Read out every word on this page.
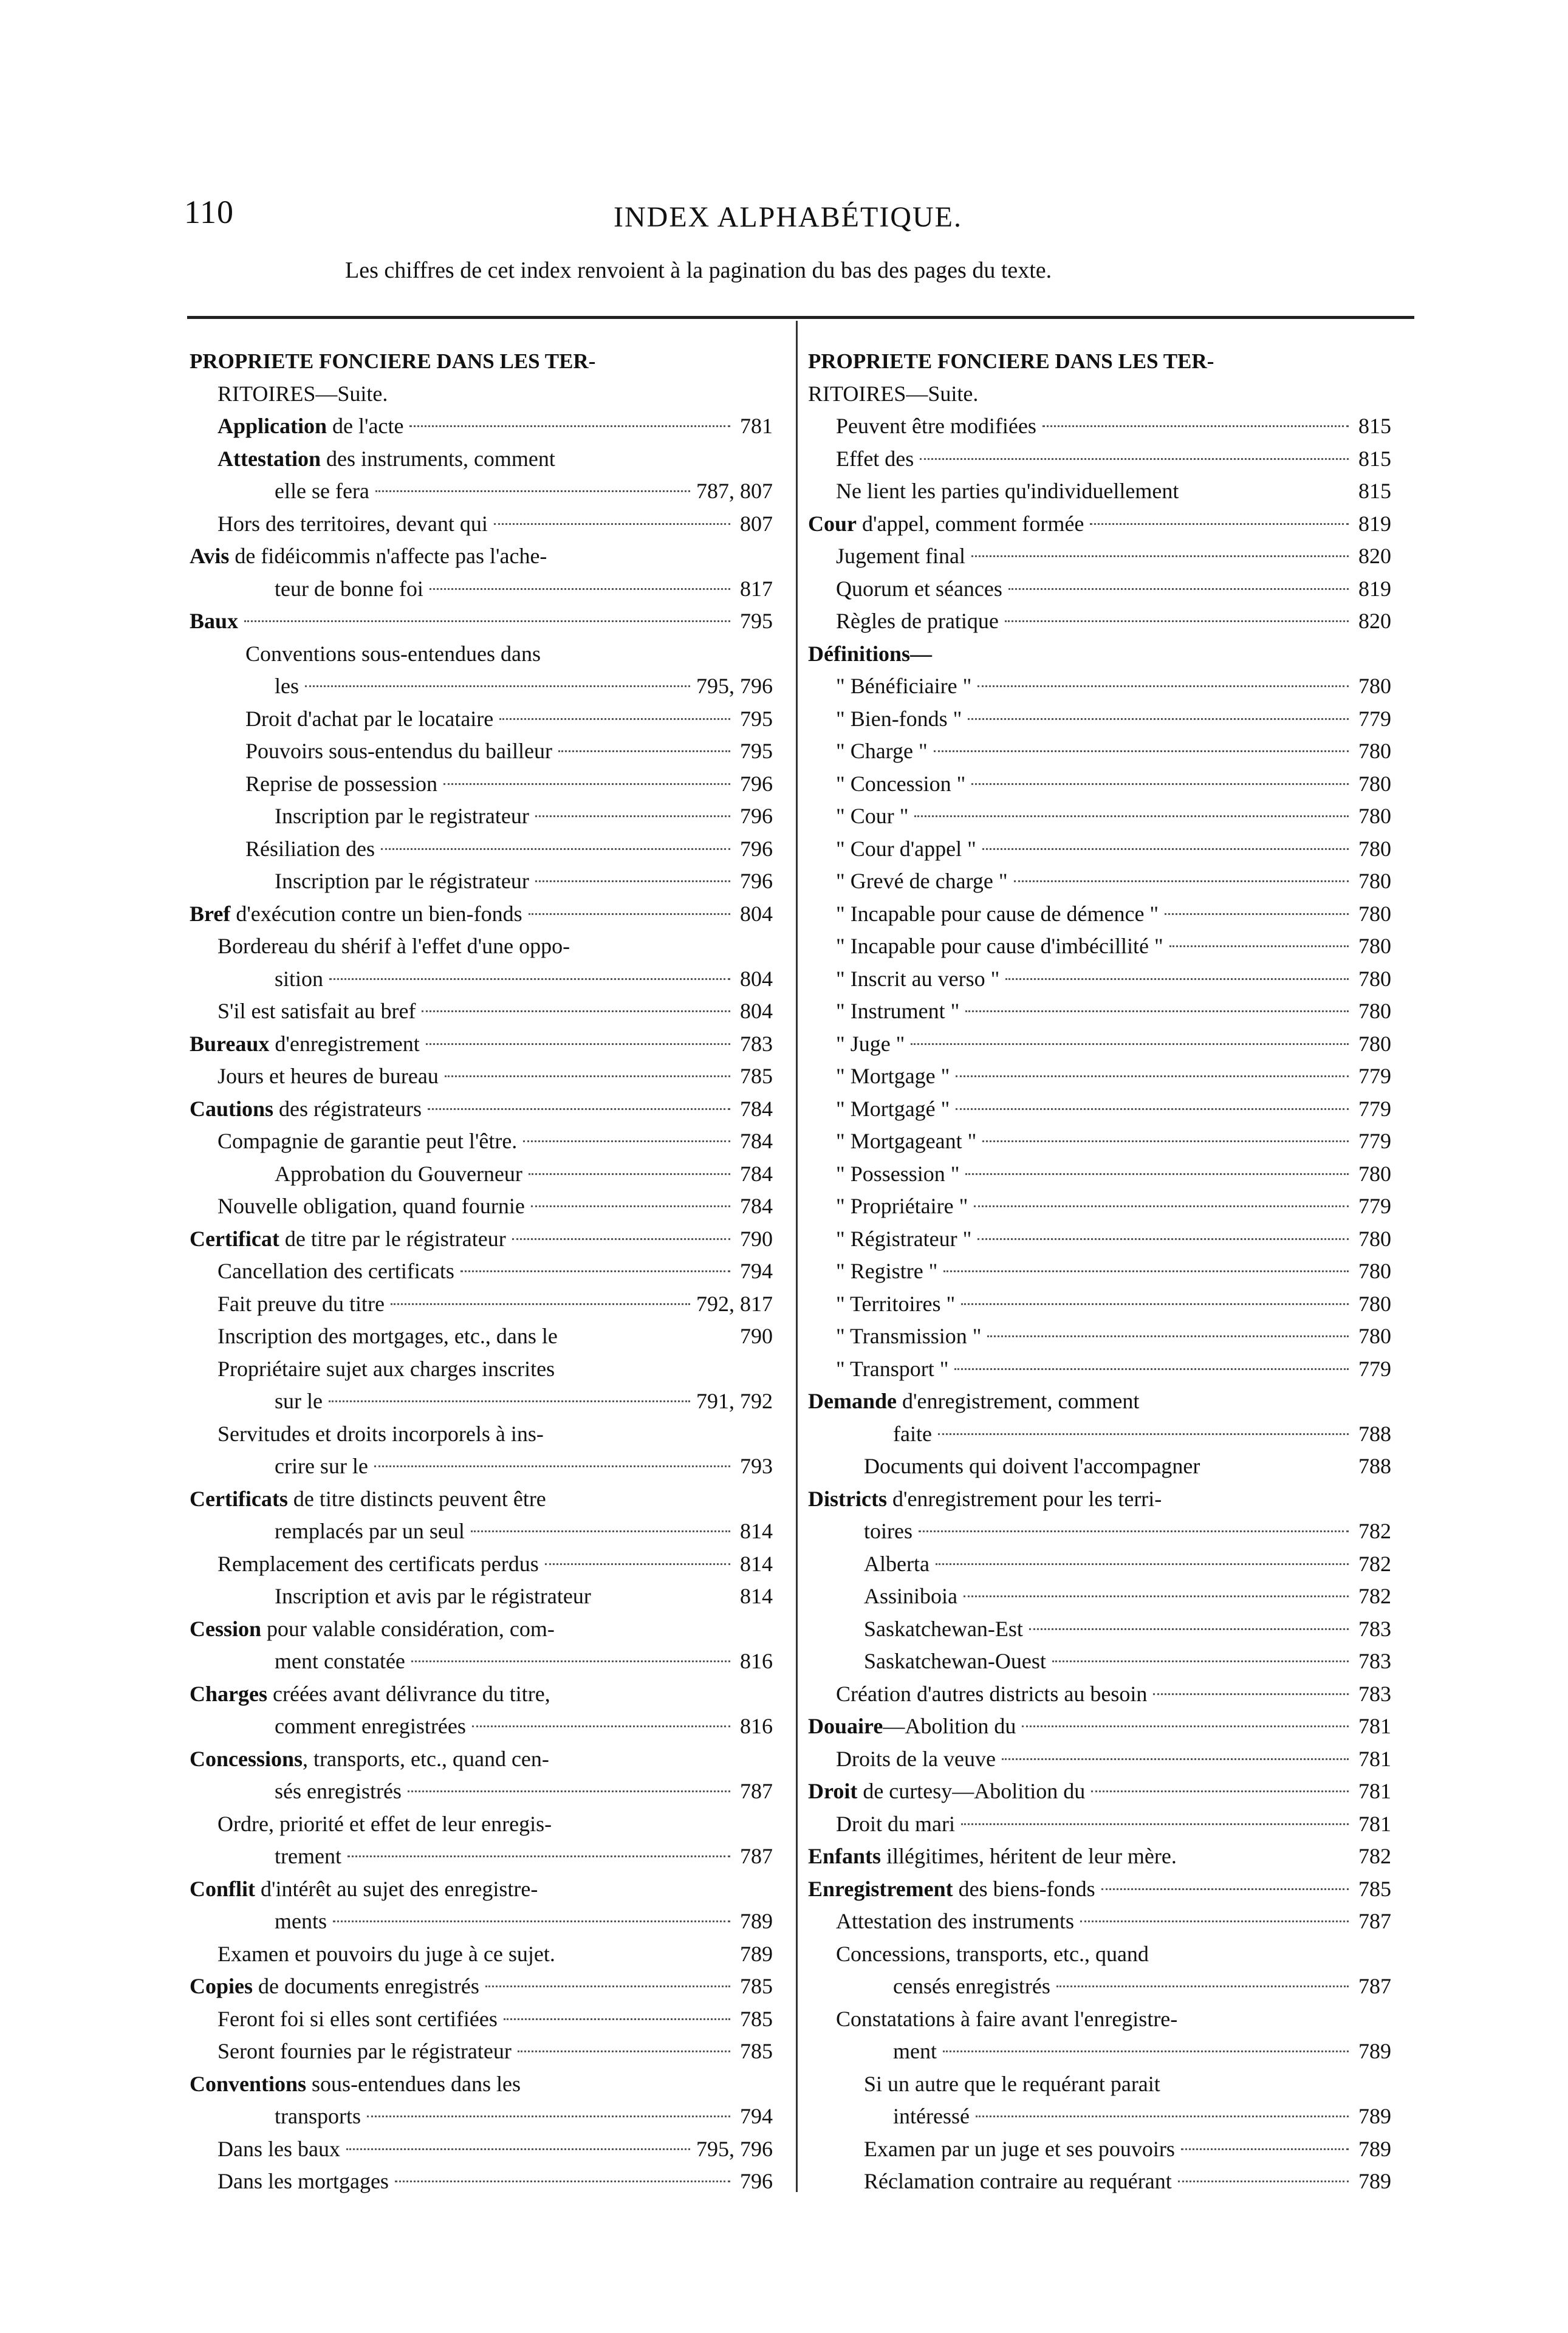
110	INDEX ALPHABÉTIQUE.
Les chiffres de cet index renvoient à la pagination du bas des pages du texte.
PROPRIETE FONCIERE DANS LES TER-
RITOIRES—Suite.
Application de l'acte	781
Attestation des instruments, comment
elle se fera	787, 807
Hors des territoires, devant qui	807
Avis de fidéicommis n'affecte pas l'ache-
teur de bonne foi	817
Baux	795
Conventions sous-entendues dans
les	795, 796
Droit d'achat par le locataire	795
Pouvoirs sous-entendus du bailleur	795
Reprise de possession	796
Inscription par le registrateur	796
Résiliation des	796
Inscription par le régistrateur	796
Bref d'exécution contre un bien-fonds	804
Bordereau du shérif à l'effet d'une oppo-
sition	804
S'il est satisfait au bref	804
Bureaux d'enregistrement	783
Jours et heures de bureau	785
Cautions des régistrateurs	784
Compagnie de garantie peut l'être.	784
Approbation du Gouverneur	784
Nouvelle obligation, quand fournie	784
Certificat de titre par le régistrateur	790
Cancellation des certificats	794
Fait preuve du titre	792, 817
Inscription des mortgages, etc., dans le	790
Propriétaire sujet aux charges inscrites
sur le	791, 792
Servitudes et droits incorporels à ins-
crire sur le	793
Certificats de titre distincts peuvent être
remplacés par un seul	814
Remplacement des certificats perdus	814
Inscription et avis par le régistrateur	814
Cession pour valable considération, com-
ment constatée	816
Charges créées avant délivrance du titre,
comment enregistrées	816
Concessions, transports, etc., quand cen-
sés enregistrés	787
Ordre, priorité et effet de leur enregis-
trement	787
Conflit d'intérêt au sujet des enregistre-
ments	789
Examen et pouvoirs du juge à ce sujet.	789
Copies de documents enregistrés	785
Feront foi si elles sont certifiées	785
Seront fournies par le régistrateur	785
Conventions sous-entendues dans les
transports	794
Dans les baux	795, 796
Dans les mortgages	796
PROPRIETE FONCIERE DANS LES TER-
RITOIRES—Suite.
Peuvent être modifiées	815
Effet des	815
Ne lient les parties qu'individuellement	815
Cour d'appel, comment formée	819
Jugement final	820
Quorum et séances	819
Règles de pratique	820
Définitions—
" Bénéficiaire "	780
" Bien-fonds "	779
" Charge "	780
" Concession "	780
" Cour "	780
" Cour d'appel "	780
" Grevé de charge "	780
" Incapable pour cause de démence "	780
" Incapable pour cause d'imbécillité "	780
" Inscrit au verso "	780
" Instrument "	780
" Juge "	780
" Mortgage "	779
" Mortgagé "	779
" Mortgageant "	779
" Possession "	780
" Propriétaire "	779
" Régistrateur "	780
" Registre "	780
" Territoires "	780
" Transmission "	780
" Transport "	779
Demande d'enregistrement, comment
faite	788
Documents qui doivent l'accompagner	788
Districts d'enregistrement pour les terri-
toires	782
Alberta	782
Assiniboia	782
Saskatchewan-Est	783
Saskatchewan-Ouest	783
Création d'autres districts au besoin	783
Douaire—Abolition du	781
Droits de la veuve	781
Droit de curtesy—Abolition du	781
Droit du mari	781
Enfants illégitimes, héritent de leur mère.	782
Enregistrement des biens-fonds	785
Attestation des instruments	787
Concessions, transports, etc., quand
censés enregistrés	787
Constatations à faire avant l'enregistre-
ment	789
Si un autre que le requérant parait
intéressé	789
Examen par un juge et ses pouvoirs	789
Réclamation contraire au requérant	789
